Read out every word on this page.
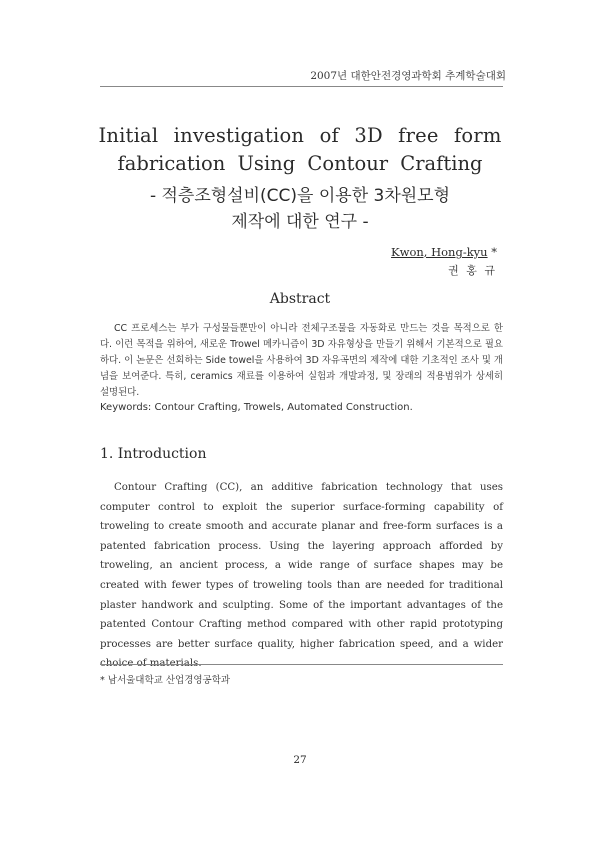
2007년 대한안전경영과학회 추계학술대회
Initial investigation of 3D free form
fabrication Using Contour Crafting
- 적층조형설비(CC)을 이용한 3차원모형
제작에 대한 연구 -
Kwon, Hong-kyu *
권 홍 규
Abstract
CC 프로세스는 부가 구성물들뿐만이 아니라 전체구조물을 자동화로 만드는 것을 목적으로 한다. 이런 목적을 위하여, 새로운 Trowel 메카니즘이 3D 자유형상을 만들기 위해서 기본적으로 필요하다. 이 논문은 선회하는 Side towel을 사용하여 3D 자유곡면의 제작에 대한 기초적인 조사 및 개념을 보여준다. 특히, ceramics 재료를 이용하여 실험과 개발과정, 및 장래의 적용범위가 상세히 설명된다.
Keywords: Contour Crafting, Trowels, Automated Construction.
1. Introduction
Contour Crafting (CC), an additive fabrication technology that uses computer control to exploit the superior surface-forming capability of troweling to create smooth and accurate planar and free-form surfaces is a patented fabrication process. Using the layering approach afforded by troweling, an ancient process, a wide range of surface shapes may be created with fewer types of troweling tools than are needed for traditional plaster handwork and sculpting. Some of the important advantages of the patented Contour Crafting method compared with other rapid prototyping processes are better surface quality, higher fabrication speed, and a wider choice of materials.
* 남서울대학교 산업경영공학과
27
